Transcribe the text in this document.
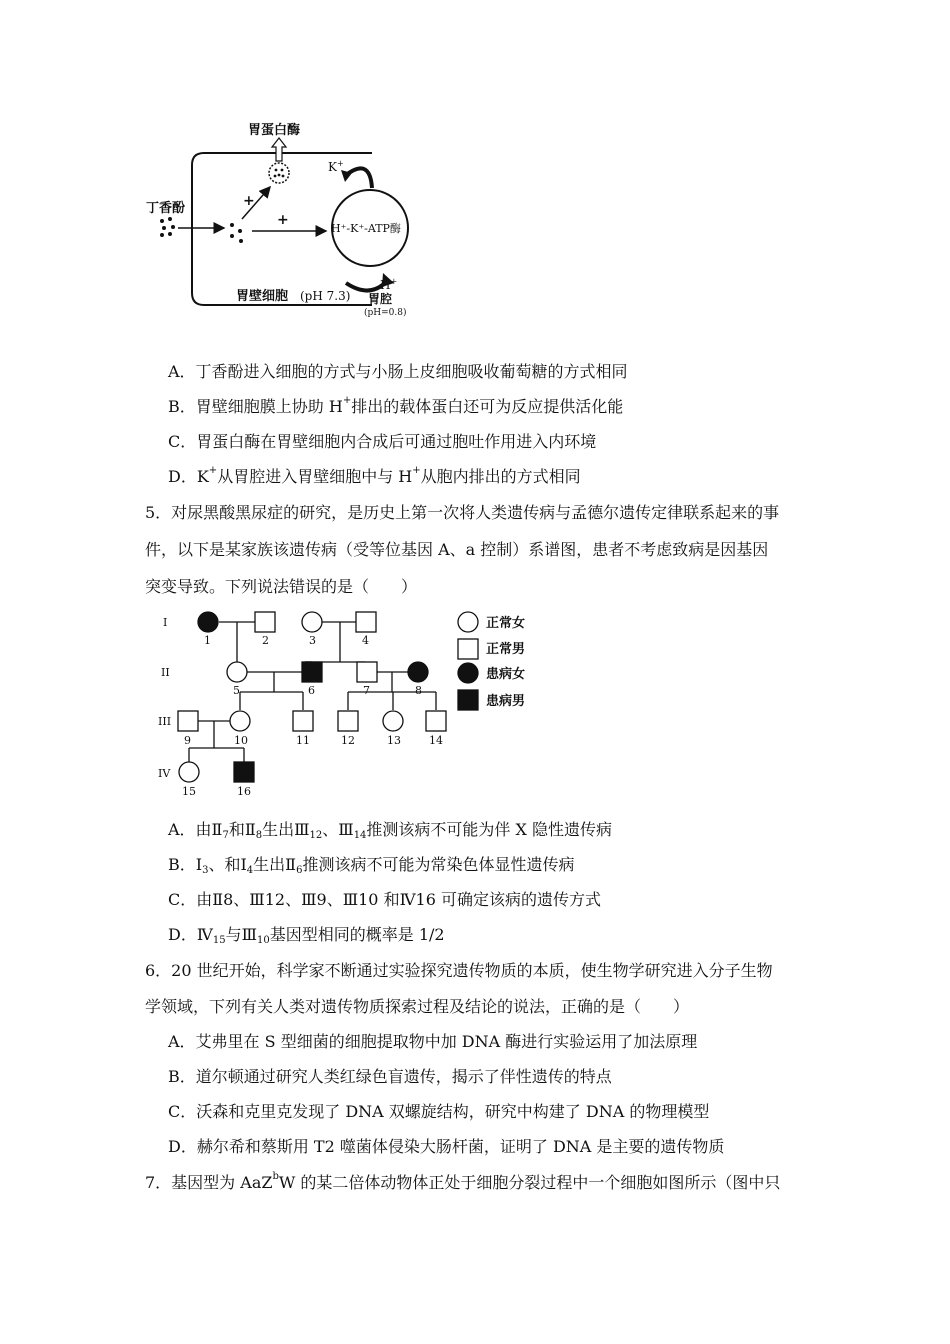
胃蛋白酶
丁香酚	+
+
H⁺-K⁺-ATP酶
K+
H+
胃壁细胞 (pH 7.3) 胃腔
(pH=0.8)
A．丁香酚进入细胞的方式与小肠上皮细胞吸收葡萄糖的方式相同
B．胃壁细胞膜上协助 H+排出的载体蛋白还可为反应提供活化能
C．胃蛋白酶在胃壁细胞内合成后可通过胞吐作用进入内环境
D．K+从胃腔进入胃壁细胞中与 H+从胞内排出的方式相同
5．对尿黑酸黑尿症的研究，是历史上第一次将人类遗传病与孟德尔遗传定律联系起来的事
件，以下是某家族该遗传病（受等位基因 A、a 控制）系谱图，患者不考虑致病是因基因
突变导致。下列说法错误的是（　　）
I
II
III
IV
1	2	3	4
5	6	7	8
9	10	11	12	13	14
15	16
正常女
正常男
患病女
患病男
A．由$Ⅱ_7$和$Ⅱ_8$生出$Ⅲ_{12}$、$Ⅲ_{14}$推测该病不可能为伴 X 隐性遗传病
B．$Ⅰ_3$、和$Ⅰ_4$生出$Ⅱ_6$推测该病不可能为常染色体显性遗传病
C．由Ⅱ8、Ⅲ12、Ⅲ9、Ⅲ10 和Ⅳ16 可确定该病的遗传方式
D．$Ⅳ_{15}$与$Ⅲ_{10}$基因型相同的概率是 1/2
6．20 世纪开始，科学家不断通过实验探究遗传物质的本质，使生物学研究进入分子生物
学领域，下列有关人类对遗传物质探索过程及结论的说法，正确的是（　　）
A．艾弗里在 S 型细菌的细胞提取物中加 DNA 酶进行实验运用了加法原理
B．道尔顿通过研究人类红绿色盲遗传，揭示了伴性遗传的特点
C．沃森和克里克发现了 DNA 双螺旋结构，研究中构建了 DNA 的物理模型
D．赫尔希和蔡斯用 T2 噬菌体侵染大肠杆菌，证明了 DNA 是主要的遗传物质
7．基因型为 AaZ$^b$W 的某二倍体动物体正处于细胞分裂过程中一个细胞如图所示（图中只
